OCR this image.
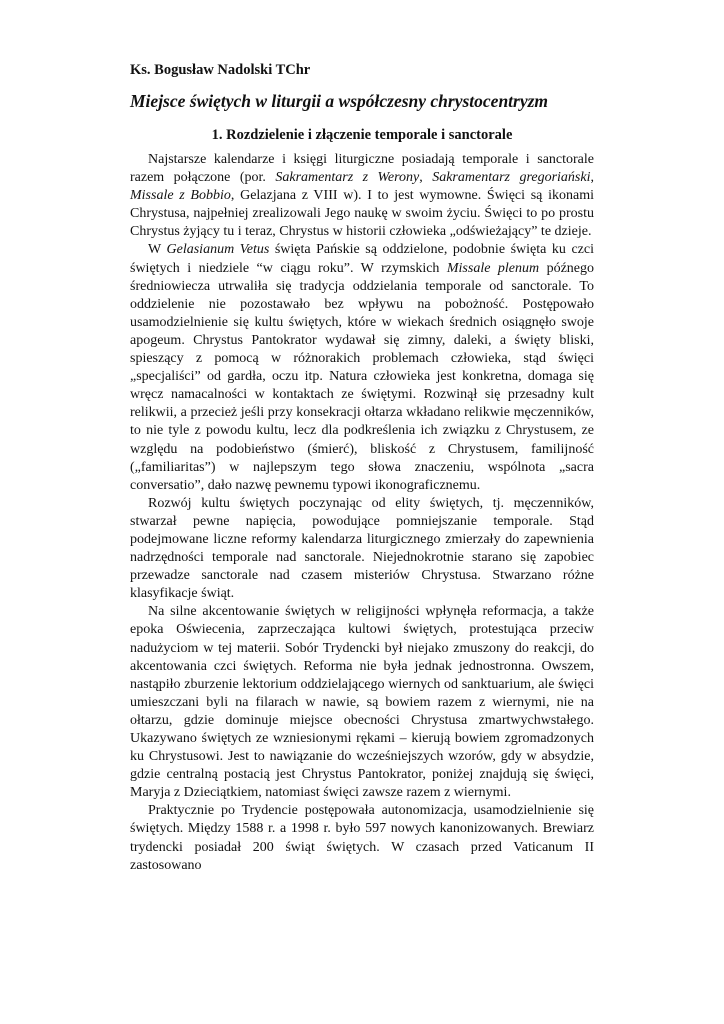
Ks. Bogusław Nadolski TChr
Miejsce świętych w liturgii a współczesny chrystocentryzm
1. Rozdzielenie i złączenie temporale i sanctorale

Najstarsze kalendarze i księgi liturgiczne posiadają temporale i sanctorale razem połączone (por. Sakramentarz z Werony, Sakramentarz gregoriański, Missale z Bobbio, Gelazjana z VIII w). I to jest wymowne. Święci są ikonami Chrystusa, najpełniej zrealizowali Jego naukę w swoim życiu. Święci to po prostu Chrystus żyjący tu i teraz, Chrystus w historii człowieka „odświeżający” te dzieje.

W Gelasianum Vetus święta Pańskie są oddzielone, podobnie święta ku czci świętych i niedziele “w ciągu roku”. W rzymskich Missale plenum późnego średniowiecza utrwaliła się tradycja oddzielania temporale od sanctorale. To oddzielenie nie pozostawało bez wpływu na pobożność. Postępowało usamodzielnienie się kultu świętych, które w wiekach średnich osiągnęło swoje apogeum. Chrystus Pantokrator wydawał się zimny, daleki, a święty bliski, spieszący z pomocą w różnorakich problemach człowieka, stąd święci „specjaliści” od gardła, oczu itp. Natura człowieka jest konkretna, domaga się wręcz namacalności w kontaktach ze świętymi. Rozwinął się przesadny kult relikwii, a przecież jeśli przy konsekracji ołtarza wkładano relikwie męczenników, to nie tyle z powodu kultu, lecz dla podkreślenia ich związku z Chrystusem, ze względu na podobieństwo (śmierć), bliskość z Chrystusem, familijność („familiaritas”) w najlepszym tego słowa znaczeniu, wspólnota „sacra conversatio”, dało nazwę pewnemu typowi ikonograficznemu.

Rozwój kultu świętych poczynając od elity świętych, tj. męczenników, stwarzał pewne napięcia, powodujące pomniejszanie temporale. Stąd podejmowane liczne reformy kalendarza liturgicznego zmierzały do zapewnienia nadrzędności temporale nad sanctorale. Niejednokrotnie starano się zapobiec przewadze sanctorale nad czasem misteriów Chrystusa. Stwarzano różne klasyfikacje świąt.

Na silne akcentowanie świętych w religijności wpłynęła reformacja, a także epoka Oświecenia, zaprzeczająca kultowi świętych, protestująca przeciw nadużyciom w tej materii. Sobór Trydencki był niejako zmuszony do reakcji, do akcentowania czci świętych. Reforma nie była jednak jednostronna. Owszem, nastąpiło zburzenie lektorium oddzielającego wiernych od sanktuarium, ale święci umieszczani byli na filarach w nawie, są bowiem razem z wiernymi, nie na ołtarzu, gdzie dominuje miejsce obecności Chrystusa zmartwychwstałego. Ukazywano świętych ze wzniesionymi rękami – kierują bowiem zgromadzonych ku Chrystusowi. Jest to nawiązanie do wcześniejszych wzorów, gdy w absydzie, gdzie centralną postacią jest Chrystus Pantokrator, poniżej znajdują się święci, Maryja z Dzieciątkiem, natomiast święci zawsze razem z wiernymi.

Praktycznie po Trydencie postępowała autonomizacja, usamodzielnienie się świętych. Między 1588 r. a 1998 r. było 597 nowych kanonizowanych. Brewiarz trydencki posiadał 200 świąt świętych. W czasach przed Vaticanum II zastosowano
